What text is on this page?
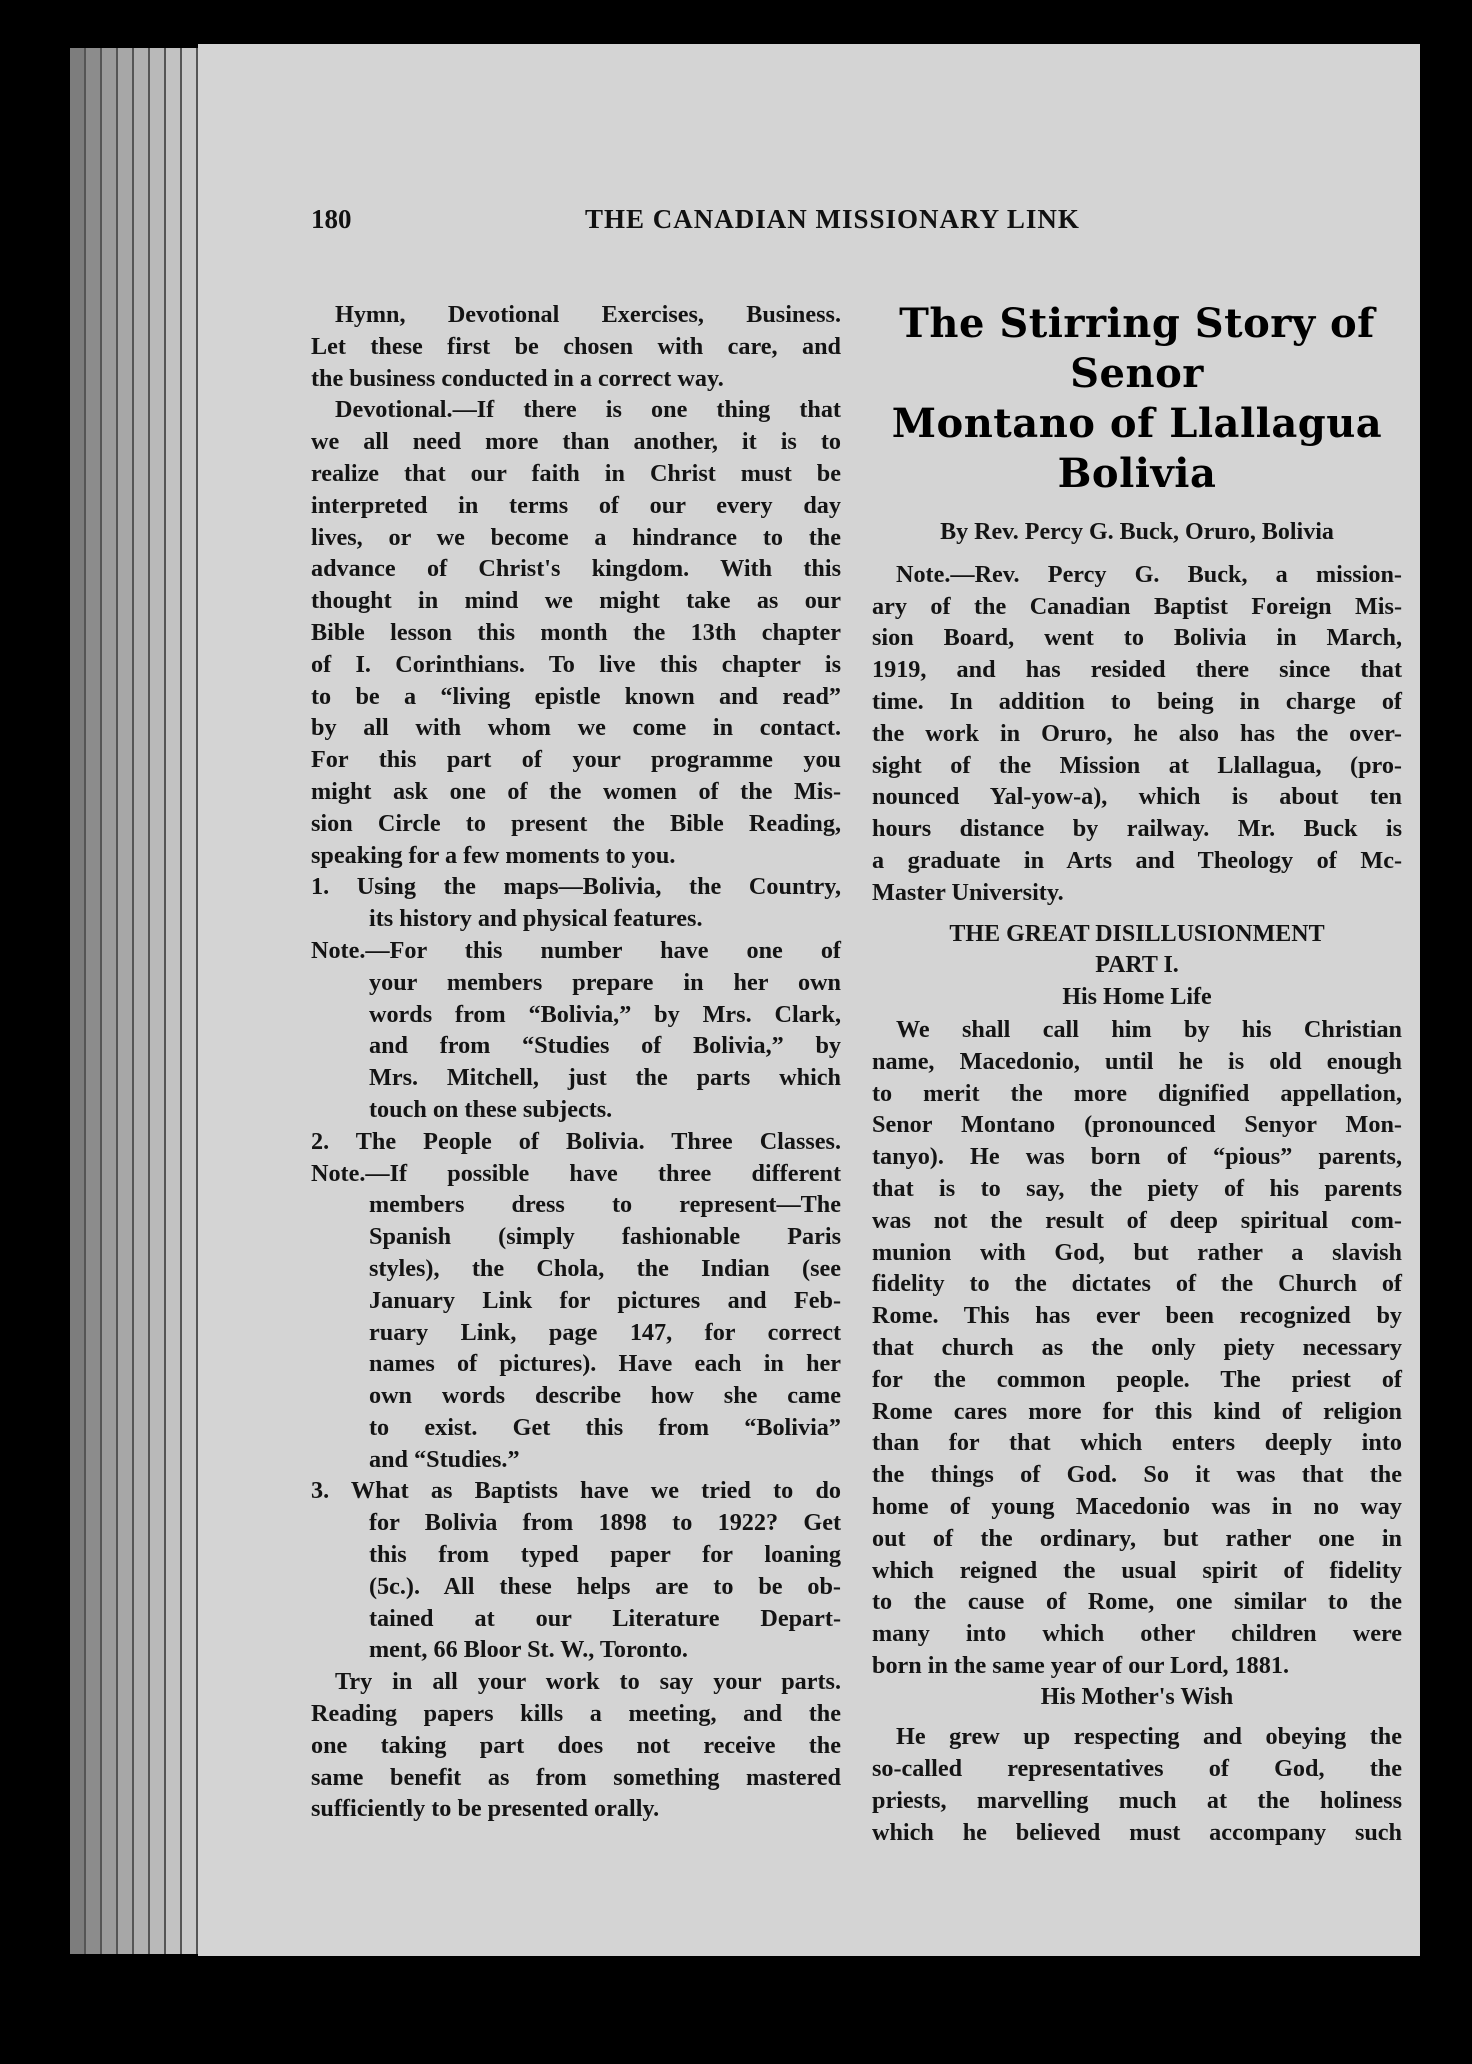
180	THE CANADIAN MISSIONARY LINK
Hymn, Devotional Exercises, Business.
Let these first be chosen with care, and
the business conducted in a correct way.
Devotional.—If there is one thing that
we all need more than another, it is to
realize that our faith in Christ must be
interpreted in terms of our every day
lives, or we become a hindrance to the
advance of Christ's kingdom. With this
thought in mind we might take as our
Bible lesson this month the 13th chapter
of I. Corinthians. To live this chapter is
to be a “living epistle known and read”
by all with whom we come in contact.
For this part of your programme you
might ask one of the women of the Mis-
sion Circle to present the Bible Reading,
speaking for a few moments to you.
1. Using the maps—Bolivia, the Country,
its history and physical features.
Note.—For this number have one of
your members prepare in her own
words from “Bolivia,” by Mrs. Clark,
and from “Studies of Bolivia,” by
Mrs. Mitchell, just the parts which
touch on these subjects.
2. The People of Bolivia. Three Classes.
Note.—If possible have three different
members dress to represent—The
Spanish (simply fashionable Paris
styles), the Chola, the Indian (see
January Link for pictures and Feb-
ruary Link, page 147, for correct
names of pictures). Have each in her
own words describe how she came
to exist. Get this from “Bolivia”
and “Studies.”
3. What as Baptists have we tried to do
for Bolivia from 1898 to 1922? Get
this from typed paper for loaning
(5c.). All these helps are to be ob-
tained at our Literature Depart-
ment, 66 Bloor St. W., Toronto.
Try in all your work to say your parts.
Reading papers kills a meeting, and the
one taking part does not receive the
same benefit as from something mastered
sufficiently to be presented orally.
The Stirring Story of Senor
Montano of Llallagua
Bolivia
By Rev. Percy G. Buck, Oruro, Bolivia
Note.—Rev. Percy G. Buck, a mission-
ary of the Canadian Baptist Foreign Mis-
sion Board, went to Bolivia in March,
1919, and has resided there since that
time. In addition to being in charge of
the work in Oruro, he also has the over-
sight of the Mission at Llallagua, (pro-
nounced Yal-yow-a), which is about ten
hours distance by railway. Mr. Buck is
a graduate in Arts and Theology of Mc-
Master University.
THE GREAT DISILLUSIONMENT
PART I.
His Home Life
We shall call him by his Christian
name, Macedonio, until he is old enough
to merit the more dignified appellation,
Senor Montano (pronounced Senyor Mon-
tanyo). He was born of “pious” parents,
that is to say, the piety of his parents
was not the result of deep spiritual com-
munion with God, but rather a slavish
fidelity to the dictates of the Church of
Rome. This has ever been recognized by
that church as the only piety necessary
for the common people. The priest of
Rome cares more for this kind of religion
than for that which enters deeply into
the things of God. So it was that the
home of young Macedonio was in no way
out of the ordinary, but rather one in
which reigned the usual spirit of fidelity
to the cause of Rome, one similar to the
many into which other children were
born in the same year of our Lord, 1881.
His Mother's Wish
He grew up respecting and obeying the
so-called representatives of God, the
priests, marvelling much at the holiness
which he believed must accompany such
